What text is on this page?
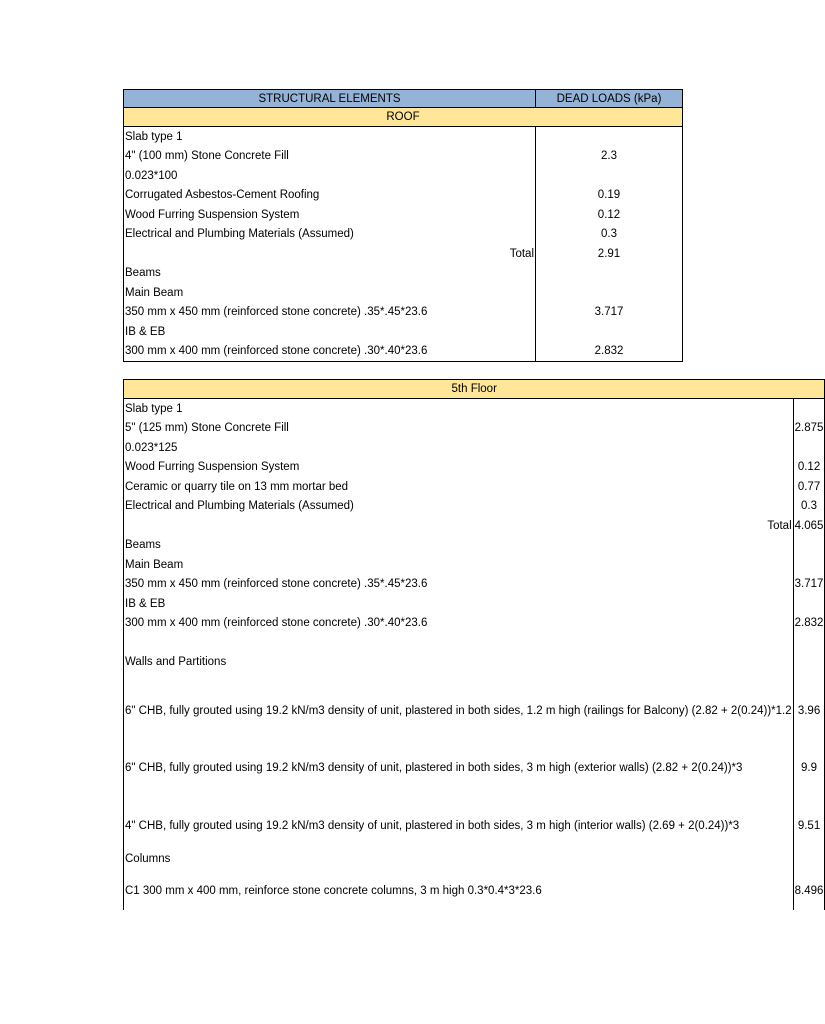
STRUCTURAL ELEMENTS	DEAD LOADS (kPa)
ROOF	
Slab type 1	
4" (100 mm) Stone Concrete Fill	2.3
0.023*100	
Corrugated Asbestos-Cement Roofing	0.19
Wood Furring Suspension System	0.12
Electrical and Plumbing Materials (Assumed)	0.3
Total	2.91
Beams	
Main Beam	
350 mm x 450 mm (reinforced stone concrete) .35*.45*23.6	3.717
IB & EB	
300 mm x 400 mm (reinforced stone concrete) .30*.40*23.6	2.832
5th Floor	
Slab type 1	
5" (125 mm) Stone Concrete Fill	2.875
0.023*125	
Wood Furring Suspension System	0.12
Ceramic or quarry tile on 13 mm mortar bed	0.77
Electrical and Plumbing Materials (Assumed)	0.3
Total	4.065
Beams	
Main Beam	
350 mm x 450 mm (reinforced stone concrete) .35*.45*23.6	3.717
IB & EB	
300 mm x 400 mm (reinforced stone concrete) .30*.40*23.6	2.832

Walls and Partitions	

6" CHB, fully grouted using 19.2 kN/m3 density of unit, plastered in both sides, 1.2 m high (railings for Balcony) (2.82 + 2(0.24))*1.2	3.96

6" CHB, fully grouted using 19.2 kN/m3 density of unit, plastered in both sides, 3 m high (exterior walls) (2.82 + 2(0.24))*3	9.9

4" CHB, fully grouted using 19.2 kN/m3 density of unit, plastered in both sides, 3 m high (interior walls) (2.69 + 2(0.24))*3	9.51
Columns	
C1 300 mm x 400 mm, reinforce stone concrete columns, 3 m high 0.3*0.4*3*23.6	8.496
